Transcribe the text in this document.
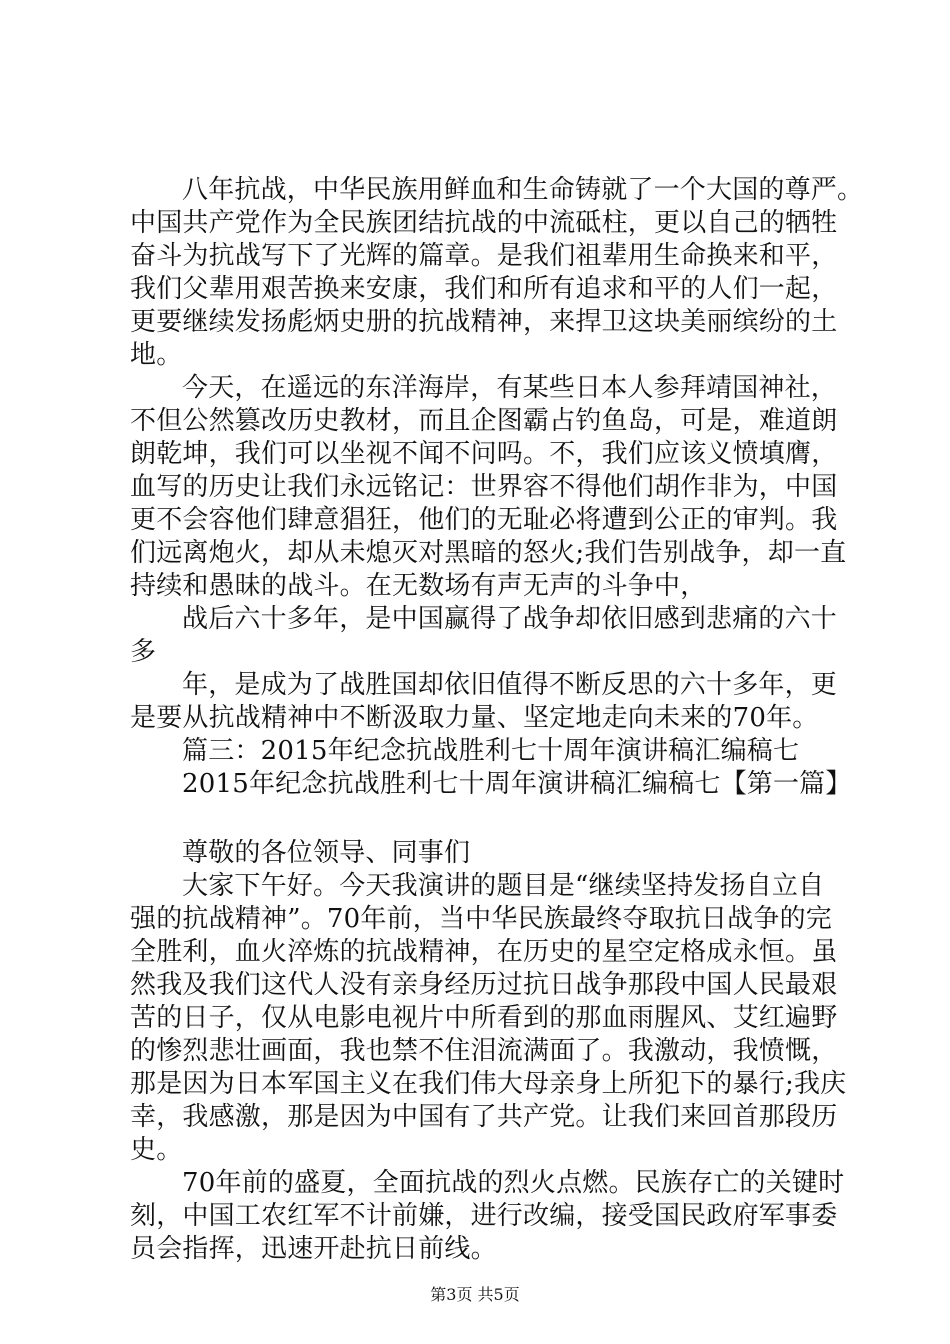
八年抗战，中华民族用鲜血和生命铸就了一个大国的尊严。
中国共产党作为全民族团结抗战的中流砥柱，更以自己的牺牲
奋斗为抗战写下了光辉的篇章。是我们祖辈用生命换来和平，
我们父辈用艰苦换来安康，我们和所有追求和平的人们一起，
更要继续发扬彪炳史册的抗战精神，来捍卫这块美丽缤纷的土
地。
今天，在遥远的东洋海岸，有某些日本人参拜靖国神社，
不但公然篡改历史教材，而且企图霸占钓鱼岛，可是，难道朗
朗乾坤，我们可以坐视不闻不问吗。不，我们应该义愤填膺，
血写的历史让我们永远铭记：世界容不得他们胡作非为，中国
更不会容他们肆意猖狂，他们的无耻必将遭到公正的审判。我
们远离炮火，却从未熄灭对黑暗的怒火;我们告别战争，却一直
持续和愚昧的战斗。在无数场有声无声的斗争中，
战后六十多年，是中国赢得了战争却依旧感到悲痛的六十
多
年，是成为了战胜国却依旧值得不断反思的六十多年，更
是要从抗战精神中不断汲取力量、坚定地走向未来的70年。
篇三：2015年纪念抗战胜利七十周年演讲稿汇编稿七
2015年纪念抗战胜利七十周年演讲稿汇编稿七【第一篇】
尊敬的各位领导、同事们
大家下午好。今天我演讲的题目是“继续坚持发扬自立自
强的抗战精神”。70年前，当中华民族最终夺取抗日战争的完
全胜利，血火淬炼的抗战精神，在历史的星空定格成永恒。虽
然我及我们这代人没有亲身经历过抗日战争那段中国人民最艰
苦的日子，仅从电影电视片中所看到的那血雨腥风、艾红遍野
的惨烈悲壮画面，我也禁不住泪流满面了。我激动，我愤慨，
那是因为日本军国主义在我们伟大母亲身上所犯下的暴行;我庆
幸，我感激，那是因为中国有了共产党。让我们来回首那段历
史。
70年前的盛夏，全面抗战的烈火点燃。民族存亡的关键时
刻，中国工农红军不计前嫌，进行改编，接受国民政府军事委
员会指挥，迅速开赴抗日前线。
第3页 共5页
